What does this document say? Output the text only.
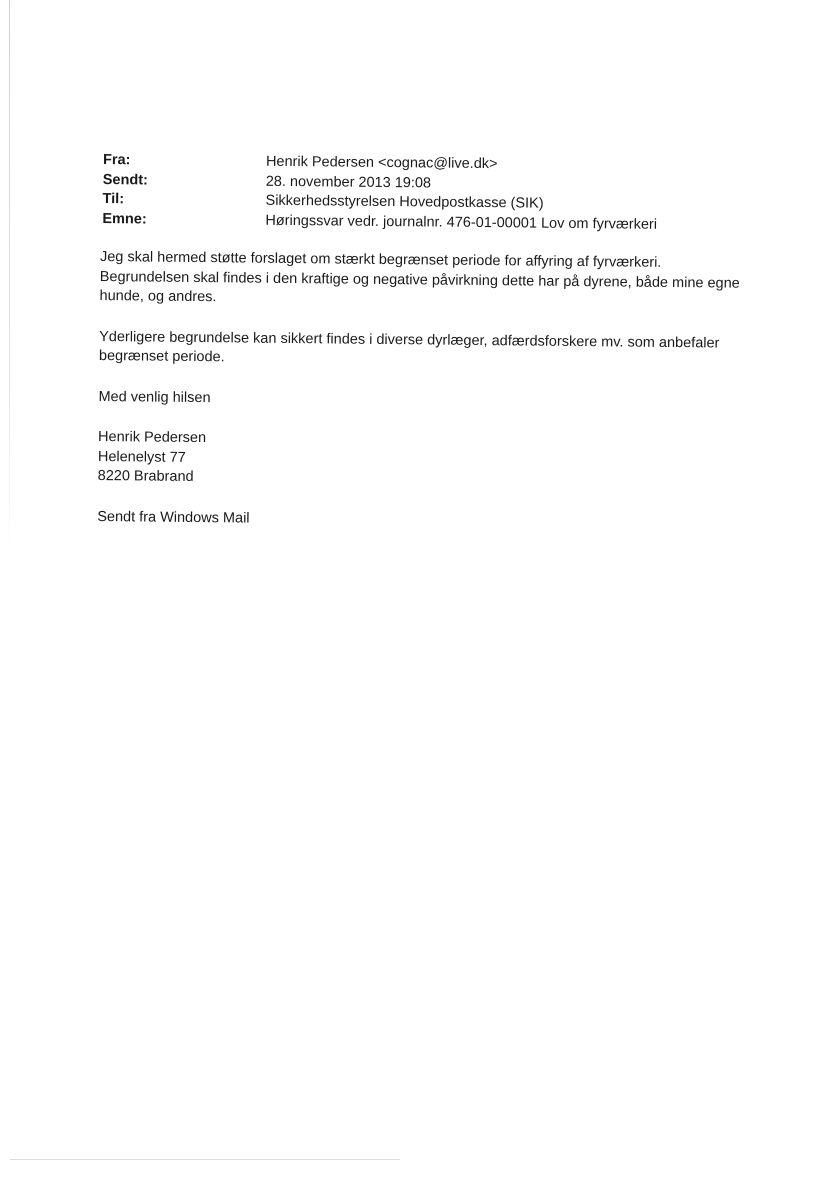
Fra:	Henrik Pedersen <cognac@live.dk>
Sendt:	28. november 2013 19:08
Til:	Sikkerhedsstyrelsen Hovedpostkasse (SIK)
Emne:	Høringssvar vedr. journalnr. 476-01-00001 Lov om fyrværkeri
Jeg skal hermed støtte forslaget om stærkt begrænset periode for affyring af fyrværkeri.
Begrundelsen skal findes i den kraftige og negative påvirkning dette har på dyrene, både mine egne
hunde, og andres.
Yderligere begrundelse kan sikkert findes i diverse dyrlæger, adfærdsforskere mv. som anbefaler
begrænset periode.
Med venlig hilsen
Henrik Pedersen
Helenelyst 77
8220 Brabrand
Sendt fra Windows Mail
